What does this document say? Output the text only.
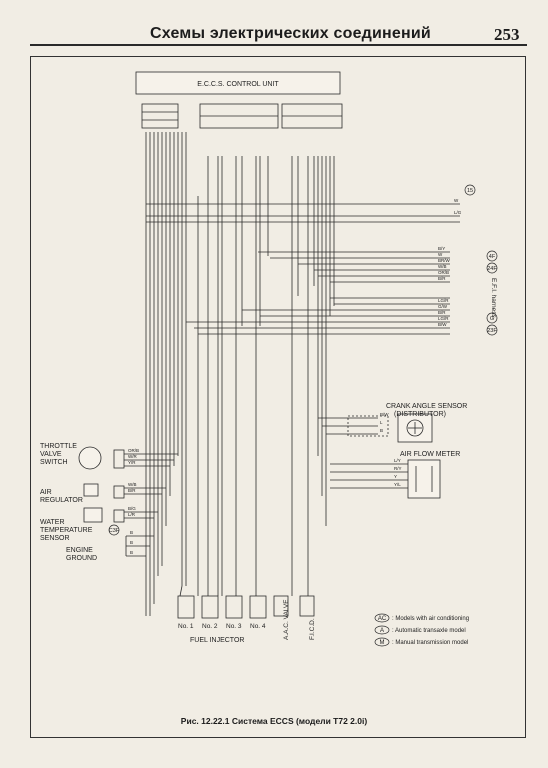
Схемы электрических соединений	253
E.C.C.S. CONTROL UNIT
THROTTLE
VALVE
SWITCH
AIR
REGULATOR
WATER
TEMPERATURE
SENSOR
ENGINE
GROUND
CRANK ANGLE SENSOR
(DISTRIBUTOR)
AIR FLOW METER
No. 1 No. 2 No. 3 No. 4
FUEL INJECTOR
A.A.C. VALVE	F.I.C.D.
E.F.I. harness
15
4F
24F
G
23F
C3F
W
L/G
B/Y
W
BR/W
W/B
OR/B
B/R
LG/R
G/W
B/R
LG/R
B/W
OR/B
W/R
Y/R
W/B
B/R
B/G
L/R
B
B
B
B/W
L
B
L/Y
R/Y
Y
Y/L
AC : Models with air conditioning
A : Automatic transaxle model
M : Manual transmission model
Рис. 12.22.1 Система ECCS (модели T72 2.0i)
